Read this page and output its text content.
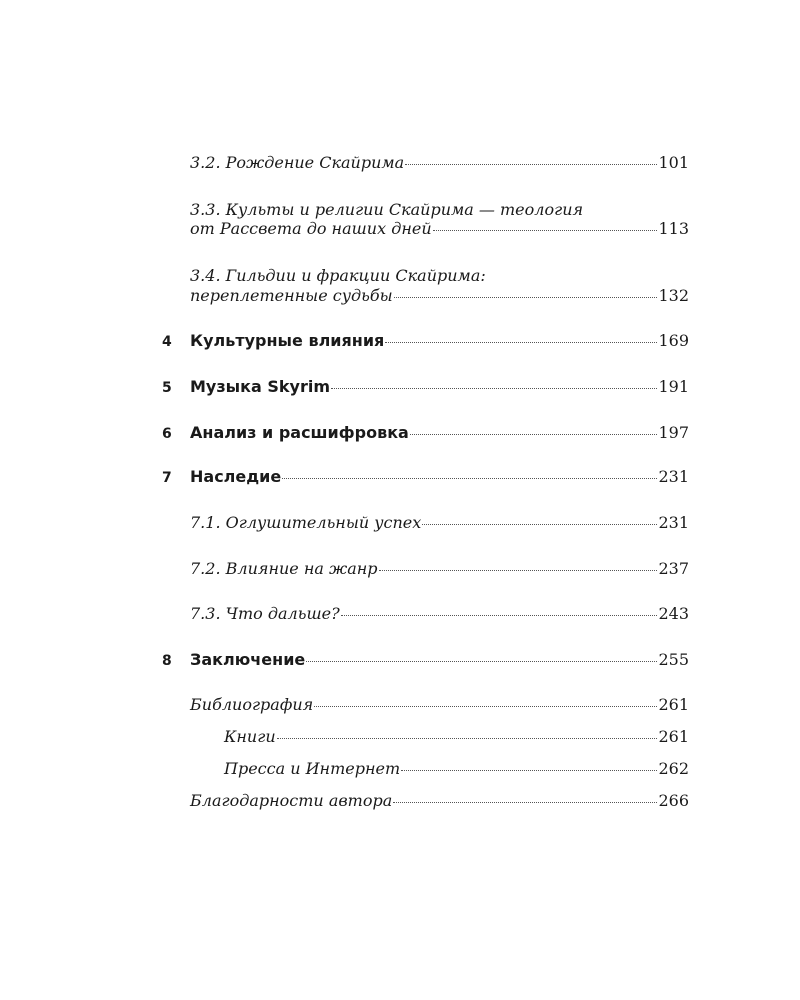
3.2. Рождение Скайрима	101
3.3. Культы и религии Скайрима — теология
от Рассвета до наших дней	113
3.4. Гильдии и фракции Скайрима:
переплетенные судьбы	132
4 Культурные влияния	169
5 Музыка Skyrim	191
6 Анализ и расшифровка	197
7 Наследие	231
7.1. Оглушительный успех	231
7.2. Влияние на жанр	237
7.3. Что дальше?	243
8 Заключение	255
Библиография	261
Книги	261
Пресса и Интернет	262
Благодарности автора	266
